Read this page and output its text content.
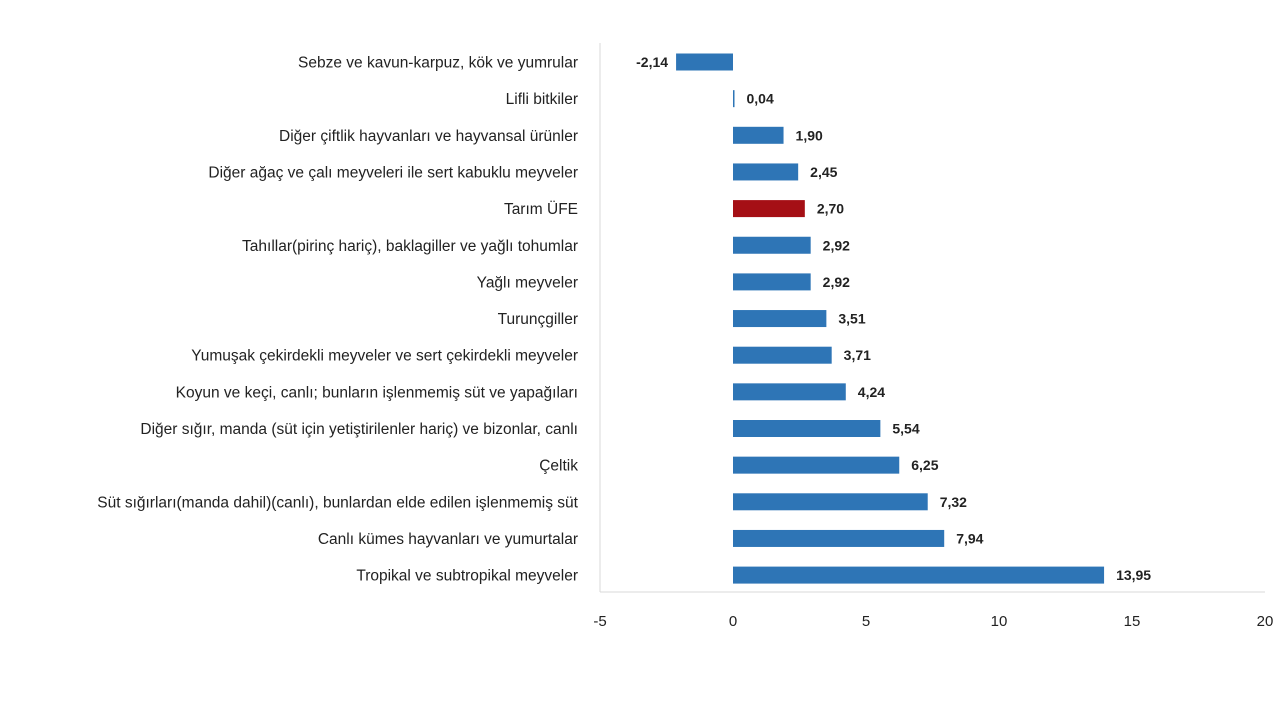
Sebze ve kavun-karpuz, kök ve yumrular
Lifli bitkiler
Diğer çiftlik hayvanları ve hayvansal ürünler
Diğer ağaç ve çalı meyveleri ile sert kabuklu meyveler
Tarım ÜFE
Tahıllar(pirinç hariç), baklagiller ve yağlı tohumlar
Yağlı meyveler
Turunçgiller
Yumuşak çekirdekli meyveler ve sert çekirdekli meyveler
Koyun ve keçi, canlı; bunların işlenmemiş süt ve yapağıları
Diğer sığır, manda (süt için yetiştirilenler hariç) ve bizonlar, canlı
Çeltik
Süt sığırları(manda dahil)(canlı), bunlardan elde edilen işlenmemiş süt
Canlı kümes hayvanları ve yumurtalar
Tropikal ve subtropikal meyveler
-2,14
0,04
1,90
2,45
2,70
2,92
2,92
3,51
3,71
4,24
5,54
6,25
7,32
7,94
13,95
-5	0	5	10	15	20
